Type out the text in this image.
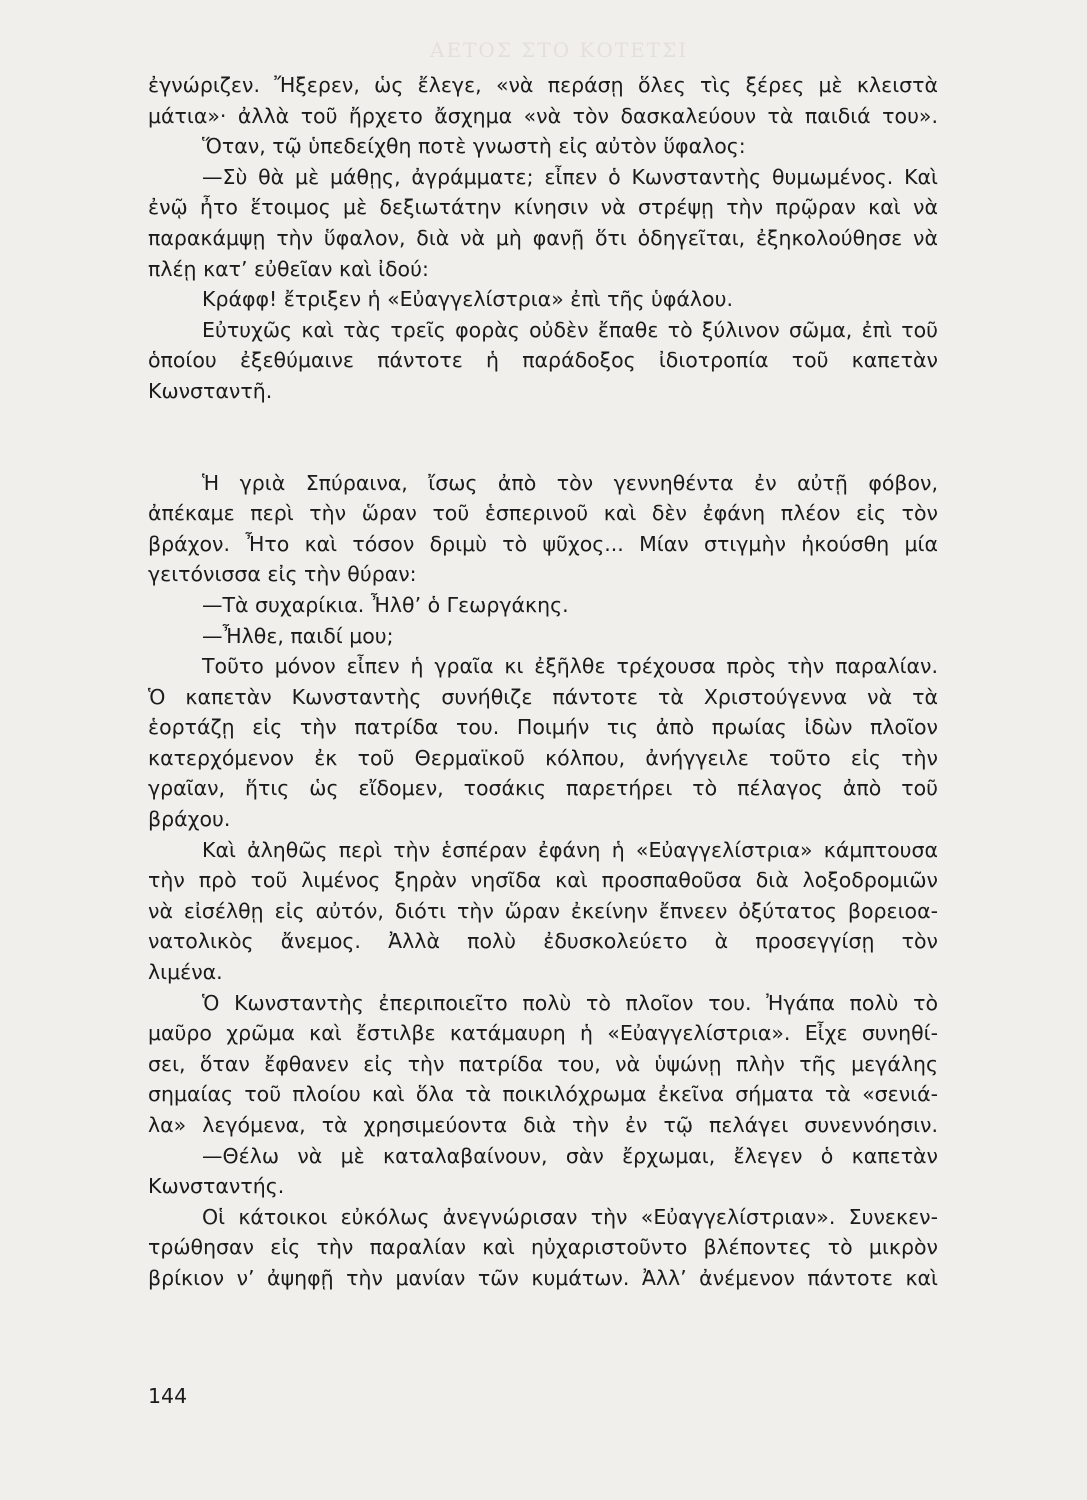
ΑΕΤΟΣ ΣΤΟ ΚΟΤΕΤΣΙ
ἐγνώριζεν. Ἤξερεν, ὡς ἔλεγε, «νὰ περάσῃ ὅλες τὶς ξέρες μὲ κλειστὰ
μάτια»· ἀλλὰ τοῦ ἤρχετο ἄσχημα «νὰ τὸν δασκαλεύουν τὰ παιδιά του».
Ὅταν, τῷ ὑπεδείχθη ποτὲ γνωστὴ εἰς αὐτὸν ὕφαλος:
—Σὺ θὰ μὲ μάθῃς, ἀγράμματε; εἶπεν ὁ Κωνσταντὴς θυμωμένος. Καὶ
ἐνῷ ἦτο ἕτοιμος μὲ δεξιωτάτην κίνησιν νὰ στρέψῃ τὴν πρῷραν καὶ νὰ
παρακάμψῃ τὴν ὕφαλον, διὰ νὰ μὴ φανῇ ὅτι ὁδηγεῖται, ἐξηκολούθησε νὰ
πλέῃ κατ’ εὐθεῖαν καὶ ἰδού:
Κράφφ! ἔτριξεν ἡ «Εὐαγγελίστρια» ἐπὶ τῆς ὑφάλου.
Εὐτυχῶς καὶ τὰς τρεῖς φορὰς οὐδὲν ἔπαθε τὸ ξύλινον σῶμα, ἐπὶ τοῦ
ὁποίου ἐξεθύμαινε πάντοτε ἡ παράδοξος ἰδιοτροπία τοῦ καπετὰν
Κωνσταντῆ.
Ἡ γριὰ Σπύραινα, ἴσως ἀπὸ τὸν γεννηθέντα ἐν αὐτῇ φόβον,
ἀπέκαμε περὶ τὴν ὥραν τοῦ ἑσπερινοῦ καὶ δὲν ἐφάνη πλέον εἰς τὸν
βράχον. Ἦτο καὶ τόσον δριμὺ τὸ ψῦχος... Μίαν στιγμὴν ἠκούσθη μία
γειτόνισσα εἰς τὴν θύραν:
—Τὰ συχαρίκια. Ἦλθ’ ὁ Γεωργάκης.
—Ἦλθε, παιδί μου;
Τοῦτο μόνον εἶπεν ἡ γραῖα κι ἐξῆλθε τρέχουσα πρὸς τὴν παραλίαν.
Ὁ καπετὰν Κωνσταντὴς συνήθιζε πάντοτε τὰ Χριστούγεννα νὰ τὰ
ἑορτάζῃ εἰς τὴν πατρίδα του. Ποιμήν τις ἀπὸ πρωίας ἰδὼν πλοῖον
κατερχόμενον ἐκ τοῦ Θερμαϊκοῦ κόλπου, ἀνήγγειλε τοῦτο εἰς τὴν
γραῖαν, ἥτις ὡς εἴδομεν, τοσάκις παρετήρει τὸ πέλαγος ἀπὸ τοῦ
βράχου.
Καὶ ἀληθῶς περὶ τὴν ἑσπέραν ἐφάνη ἡ «Εὐαγγελίστρια» κάμπτουσα
τὴν πρὸ τοῦ λιμένος ξηρὰν νησῖδα καὶ προσπαθοῦσα διὰ λοξοδρομιῶν
νὰ εἰσέλθῃ εἰς αὐτόν, διότι τὴν ὥραν ἐκείνην ἔπνεεν ὀξύτατος βορειοα-
νατολικὸς ἄνεμος. Ἀλλὰ πολὺ ἐδυσκολεύετο ὰ προσεγγίσῃ τὸν
λιμένα.
Ὁ Κωνσταντὴς ἐπεριποιεῖτο πολὺ τὸ πλοῖον του. Ἠγάπα πολὺ τὸ
μαῦρο χρῶμα καὶ ἔστιλβε κατάμαυρη ἡ «Εὐαγγελίστρια». Εἶχε συνηθί-
σει, ὅταν ἔφθανεν εἰς τὴν πατρίδα του, νὰ ὑψώνῃ πλὴν τῆς μεγάλης
σημαίας τοῦ πλοίου καὶ ὅλα τὰ ποικιλόχρωμα ἐκεῖνα σήματα τὰ «σενιά-
λα» λεγόμενα, τὰ χρησιμεύοντα διὰ τὴν ἐν τῷ πελάγει συνεννόησιν.
—Θέλω νὰ μὲ καταλαβαίνουν, σὰν ἔρχωμαι, ἔλεγεν ὁ καπετὰν
Κωνσταντής.
Οἱ κάτοικοι εὐκόλως ἀνεγνώρισαν τὴν «Εὐαγγελίστριαν». Συνεκεν-
τρώθησαν εἰς τὴν παραλίαν καὶ ηὐχαριστοῦντο βλέποντες τὸ μικρὸν
βρίκιον ν’ ἀψηφῇ τὴν μανίαν τῶν κυμάτων. Ἀλλ’ ἀνέμενον πάντοτε καὶ
144
